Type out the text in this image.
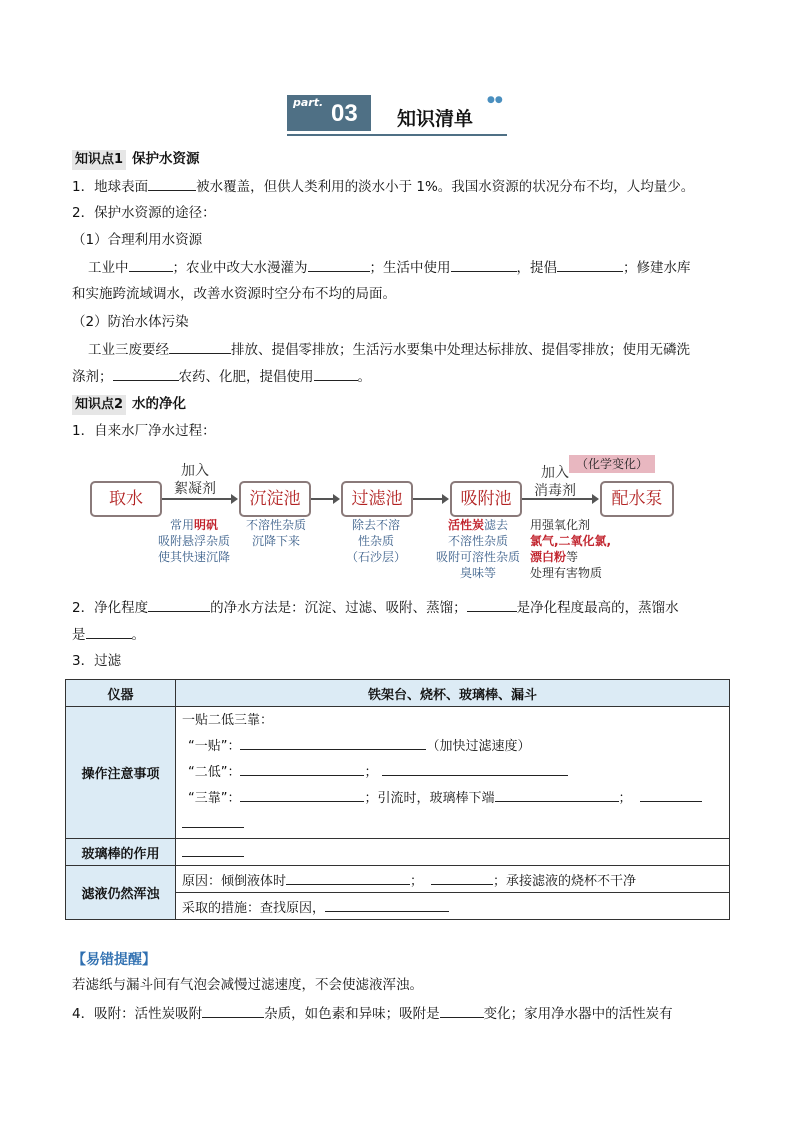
part. 03 知识清单
●●
知识点1 保护水资源
1．地球表面	被水覆盖，但供人类利用的淡水小于 1%。我国水资源的状况分布不均，人均量少。
2．保护水资源的途径：
（1）合理利用水资源
工业中	；农业中改大水漫灌为	；生活中使用	，提倡	；修建水库
和实施跨流域调水，改善水资源时空分布不均的局面。
（2）防治水体污染
工业三废要经	排放、提倡零排放；生活污水要集中处理达标排放、提倡零排放；使用无磷洗
涤剂；	农药、化肥，提倡使用	。
知识点2 水的净化
1．自来水厂净水过程：
（化学变化）
取水	沉淀池	过滤池	吸附池	配水泵
加入
絮凝剂
加入
消毒剂
常用明矾
吸附悬浮杂质
使其快速沉降
不溶性杂质
沉降下来
除去不溶
性杂质
（石沙层）
活性炭滤去
不溶性杂质
吸附可溶性杂质
臭味等
用强氧化剂
氯气,二氧化氯,
漂白粉等
处理有害物质
2．净化程度	的净水方法是：沉淀、过滤、吸附、蒸馏；	是净化程度最高的，蒸馏水
是	。
3．过滤
仪器	铁架台、烧杯、玻璃棒、漏斗
操作注意事项	一贴二低三靠：
“一贴”： （加快过滤速度）
“二低”： ；
“三靠”： ；引流时，玻璃棒下端 ；

玻璃棒的作用	
滤液仍然浑浊	原因：倾倒液体时 ； ；承接滤液的烧杯不干净
	采取的措施：查找原因，
【易错提醒】
若滤纸与漏斗间有气泡会减慢过滤速度，不会使滤液浑浊。
4．吸附：活性炭吸附	杂质，如色素和异味；吸附是	变化；家用净水器中的活性炭有
